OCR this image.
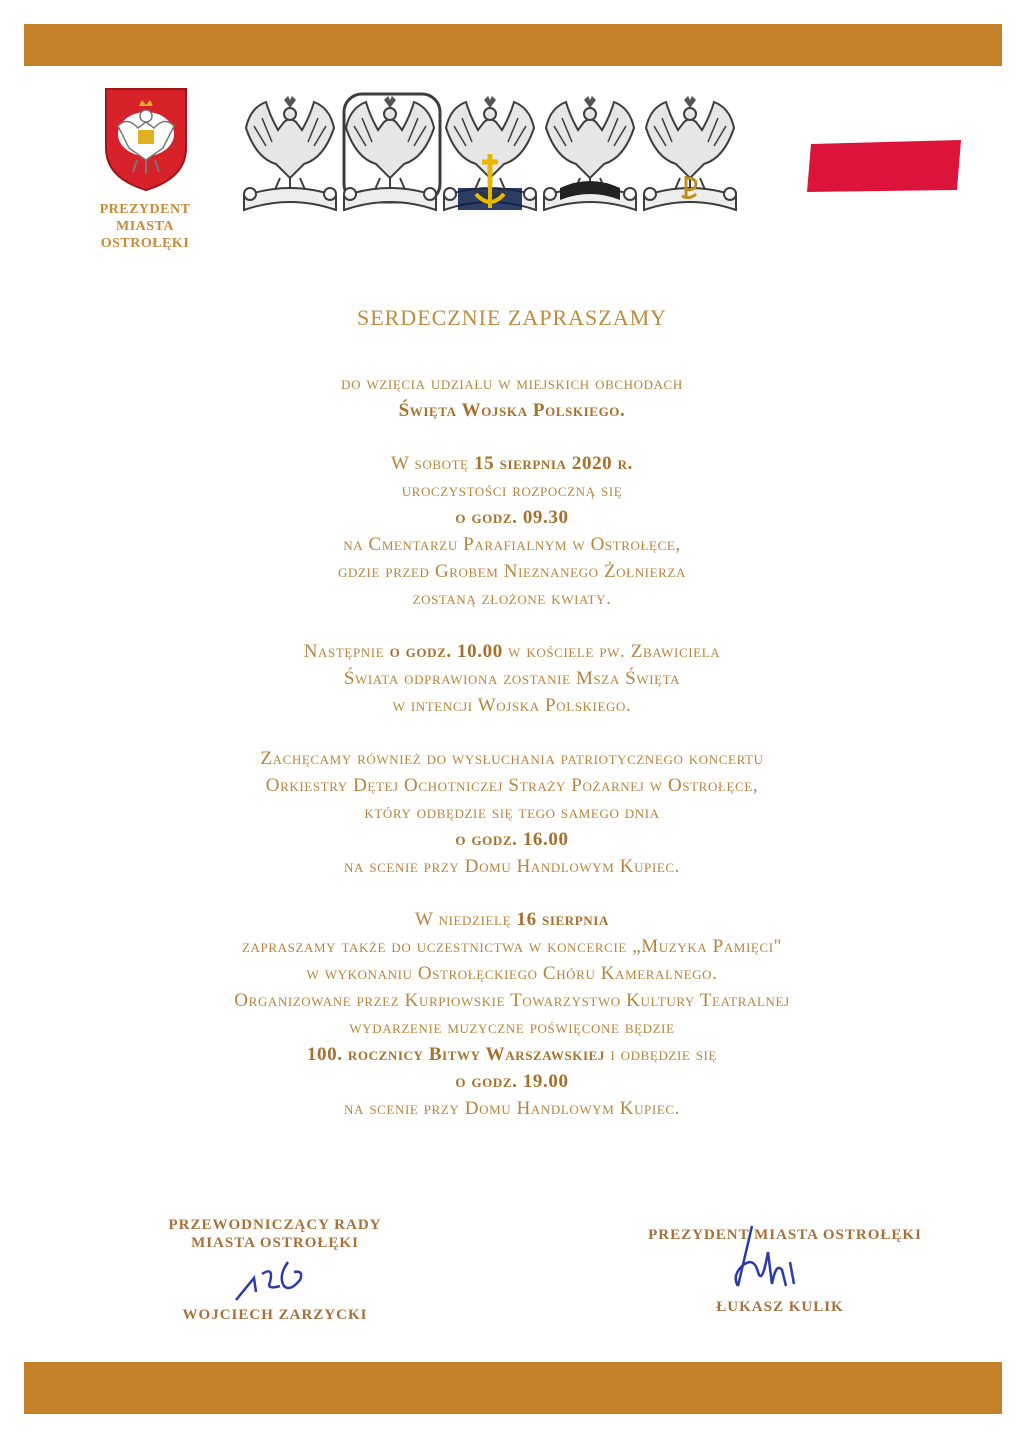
PREZYDENT
MIASTA
OSTROŁĘKI

SERDECZNIE ZAPRASZAMY

do wzięcia udziału w miejskich obchodach

Święta Wojska Polskiego.

W sobotę 15 sierpnia 2020 r.

uroczystości rozpoczną się

o godz. 09.30

na Cmentarzu Parafialnym w Ostrołęce,

gdzie przed Grobem Nieznanego Żołnierza

zostaną złożone kwiaty.

Następnie o godz. 10.00 w kościele pw. Zbawiciela

Świata odprawiona zostanie Msza Święta

w intencji Wojska Polskiego.

Zachęcamy również do wysłuchania patriotycznego koncertu

Orkiestry Dętej Ochotniczej Straży Pożarnej w Ostrołęce,

który odbędzie się tego samego dnia

o godz. 16.00

na scenie przy Domu Handlowym Kupiec.

W niedzielę 16 sierpnia

zapraszamy także do uczestnictwa w koncercie „Muzyka Pamięci"

w wykonaniu Ostrołęckiego Chóru Kameralnego.

Organizowane przez Kurpiowskie Towarzystwo Kultury Teatralnej

wydarzenie muzyczne poświęcone będzie

100. rocznicy Bitwy Warszawskiej i odbędzie się

o godz. 19.00

na scenie przy Domu Handlowym Kupiec.

PRZEWODNICZĄCY RADY
MIASTA OSTROŁĘKI
WOJCIECH ZARZYCKI
PREZYDENT MIASTA OSTROŁĘKI
ŁUKASZ KULIK
